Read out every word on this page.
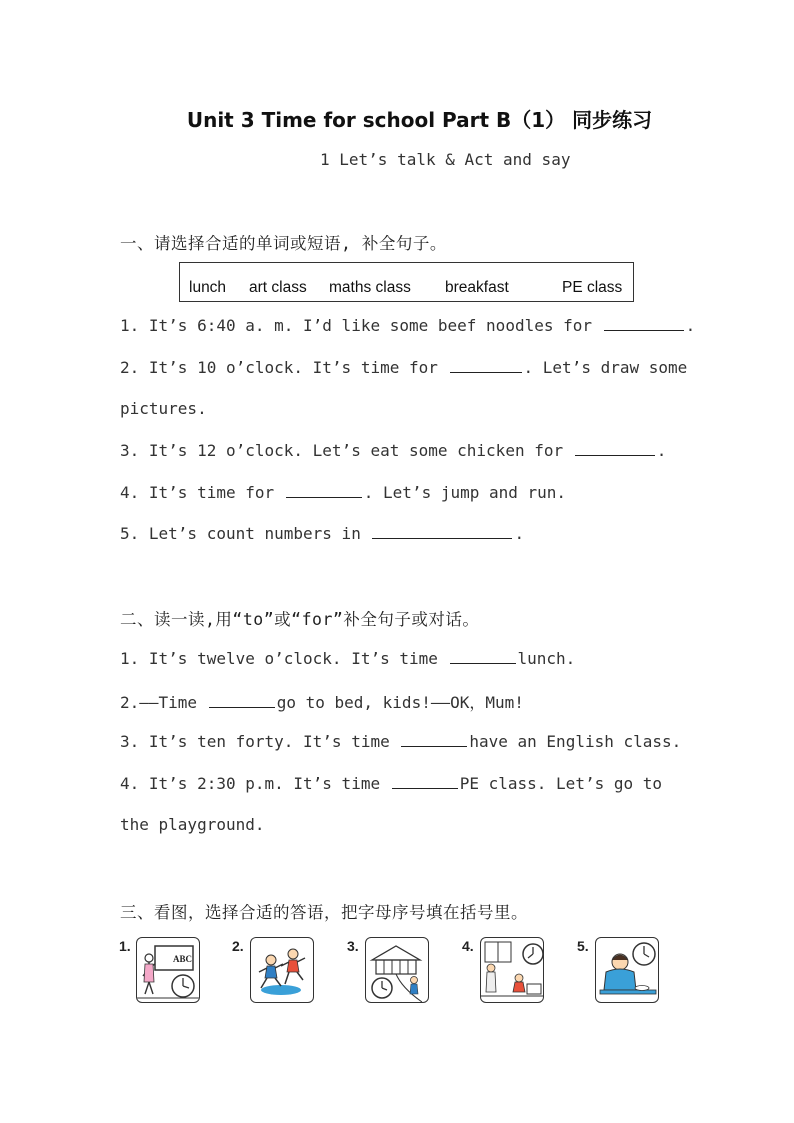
Unit 3 Time for school Part B（1） 同步练习
1 Let’s talk & Act and say
一、请选择合适的单词或短语, 补全句子。
lunch art class maths class breakfast	PE class
1. It’s 6:40 a. m. I’d like some beef noodles for	.
2. It’s 10 o’clock. It’s time for	. Let’s draw some
pictures.
3. It’s 12 o’clock. Let’s eat some chicken for	.
4. It’s time for	. Let’s jump and run.
5. Let’s count numbers in	.
二、读一读,用“to”或“for”补全句子或对话。
1. It’s twelve o’clock. It’s time	lunch.
2.——Time	go to bed, kids!——OK，Mum!
3. It’s ten forty. It’s time	have an English class.
4. It’s 2:30 p.m. It’s time	PE class. Let’s go to
the playground.
三、看图，选择合适的答语，把字母序号填在括号里。
1.
ABC
2.	3.	4.	5.
